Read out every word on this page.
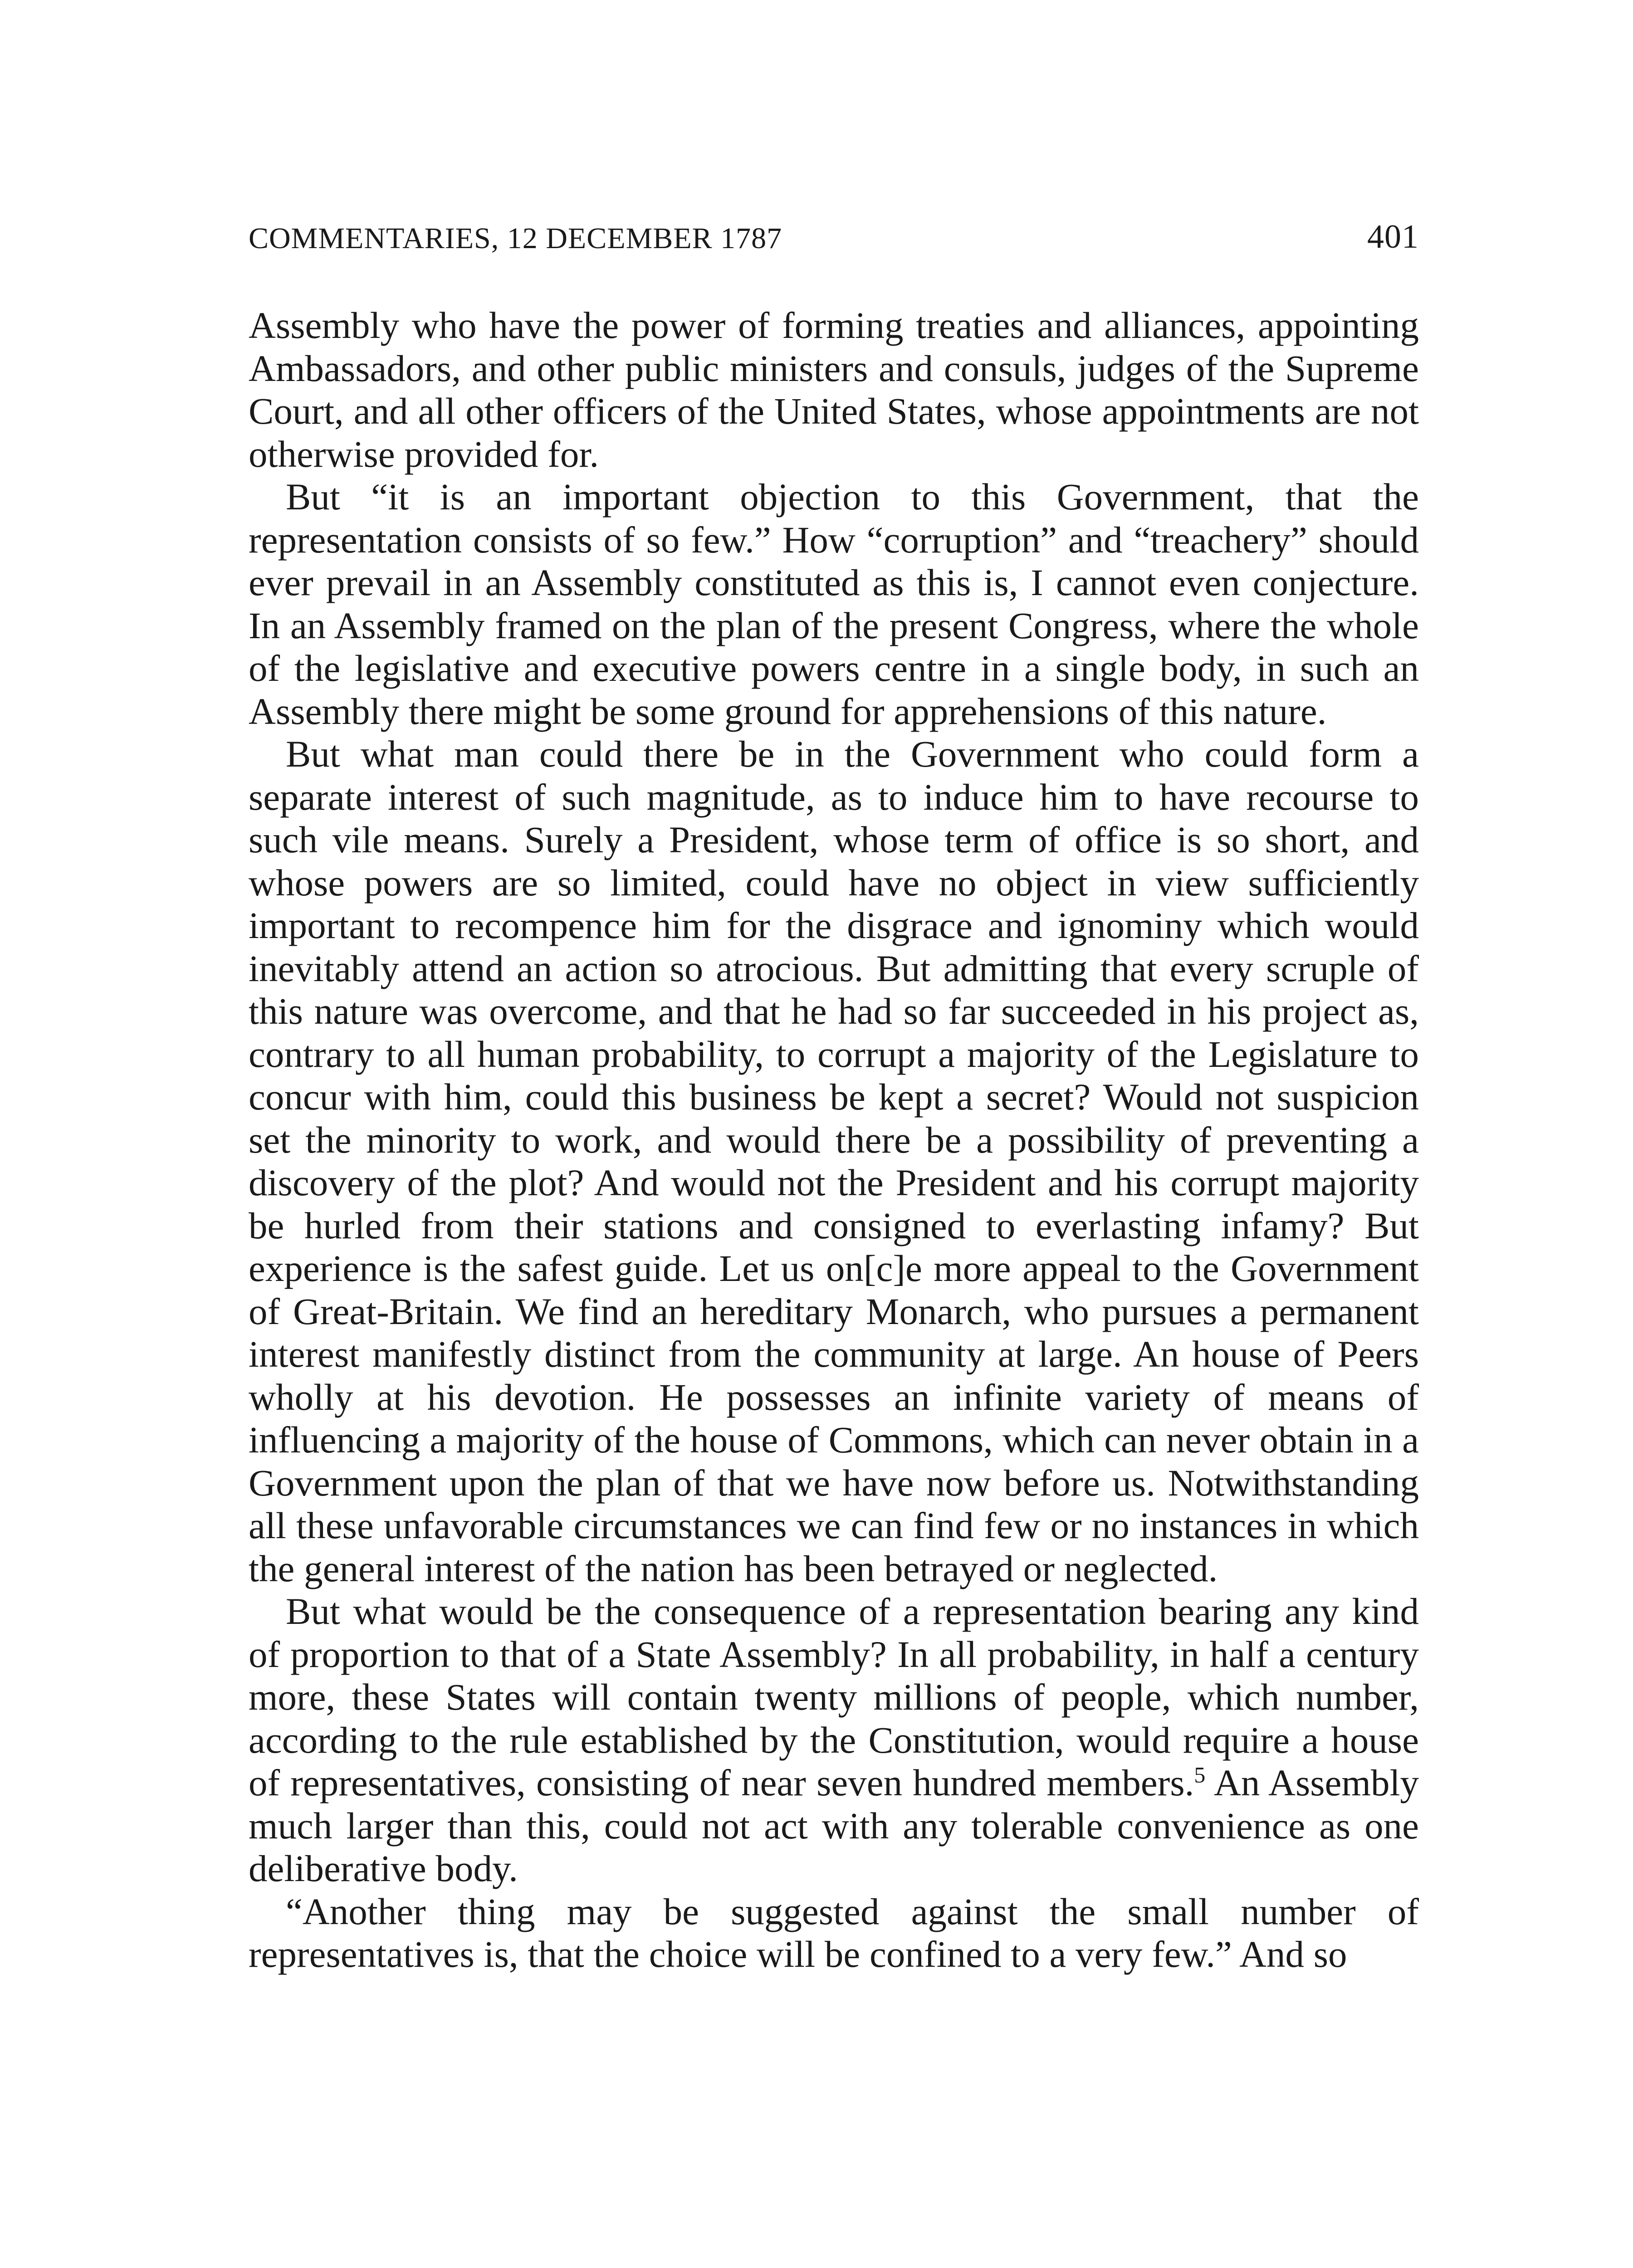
COMMENTARIES, 12 DECEMBER 1787	401

Assembly who have the power of forming treaties and alliances, appointing Ambassadors, and other public ministers and consuls, judges of the Supreme Court, and all other officers of the United States, whose appointments are not otherwise provided for.

But “it is an important objection to this Government, that the representation consists of so few.” How “corruption” and “treachery” should ever prevail in an Assembly constituted as this is, I cannot even conjecture. In an Assembly framed on the plan of the present Congress, where the whole of the legislative and executive powers centre in a single body, in such an Assembly there might be some ground for apprehensions of this nature.

But what man could there be in the Government who could form a separate interest of such magnitude, as to induce him to have recourse to such vile means. Surely a President, whose term of office is so short, and whose powers are so limited, could have no object in view sufficiently important to recompence him for the disgrace and ignominy which would inevitably attend an action so atrocious. But admitting that every scruple of this nature was overcome, and that he had so far succeeded in his project as, contrary to all human probability, to corrupt a majority of the Legislature to concur with him, could this business be kept a secret? Would not suspicion set the minority to work, and would there be a possibility of preventing a discovery of the plot? And would not the President and his corrupt majority be hurled from their stations and consigned to everlasting infamy? But experience is the safest guide. Let us on[c]e more appeal to the Government of Great-Britain. We find an hereditary Monarch, who pursues a permanent interest manifestly distinct from the community at large. An house of Peers wholly at his devotion. He possesses an infinite variety of means of influencing a majority of the house of Commons, which can never obtain in a Government upon the plan of that we have now before us. Notwithstanding all these unfavorable circumstances we can find few or no instances in which the general interest of the nation has been betrayed or neglected.

But what would be the consequence of a representation bearing any kind of proportion to that of a State Assembly? In all probability, in half a century more, these States will contain twenty millions of people, which number, according to the rule established by the Constitution, would require a house of representatives, consisting of near seven hundred members.$^5$ An Assembly much larger than this, could not act with any tolerable convenience as one deliberative body.

“Another thing may be suggested against the small number of representatives is, that the choice will be confined to a very few.” And so
